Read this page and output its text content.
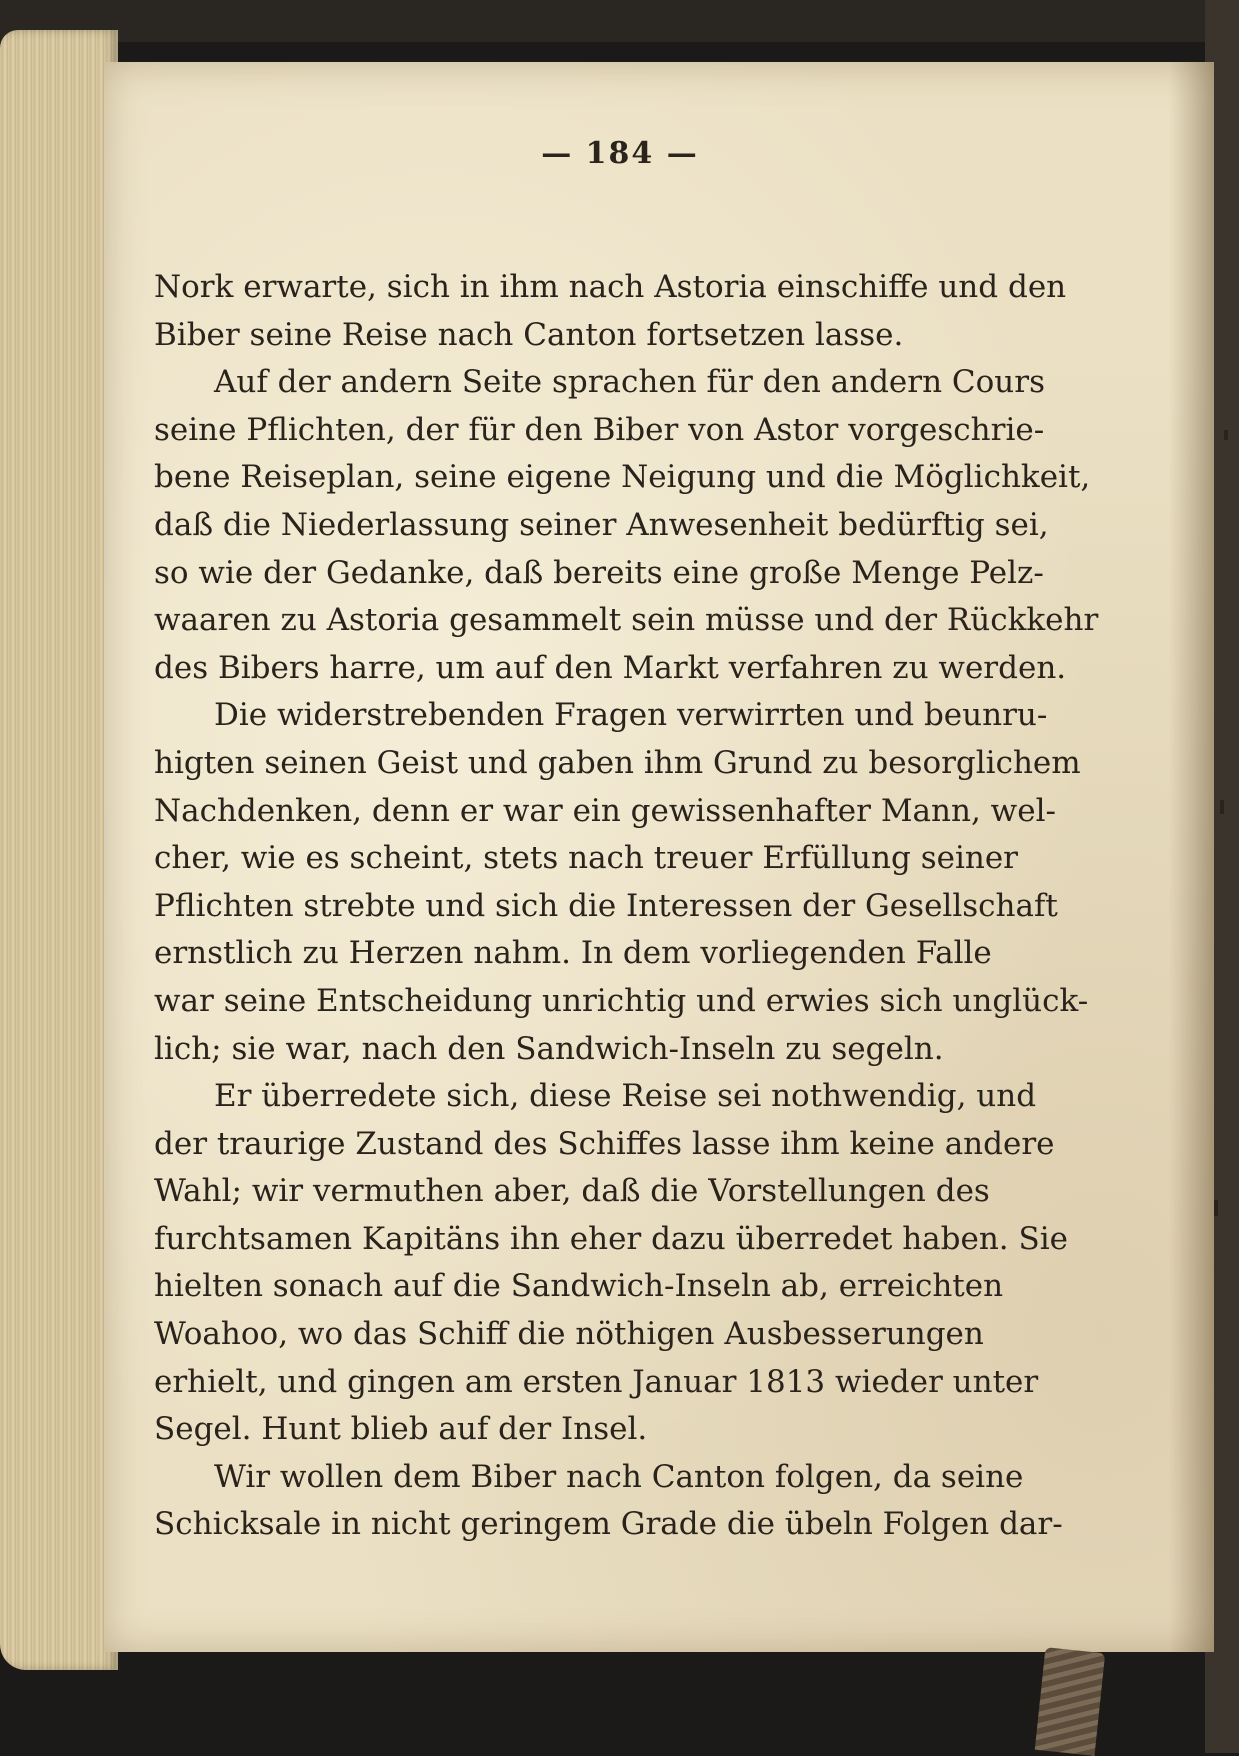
— 184 —

Nork erwarte, sich in ihm nach Astoria einschiffe und den

Biber seine Reise nach Canton fortsetzen lasse.

Auf der andern Seite sprachen für den andern Cours

seine Pflichten, der für den Biber von Astor vorgeschrie-

bene Reiseplan, seine eigene Neigung und die Möglichkeit,

daß die Niederlassung seiner Anwesenheit bedürftig sei,

so wie der Gedanke, daß bereits eine große Menge Pelz-

waaren zu Astoria gesammelt sein müsse und der Rückkehr

des Bibers harre, um auf den Markt verfahren zu werden.

Die widerstrebenden Fragen verwirrten und beunru-

higten seinen Geist und gaben ihm Grund zu besorglichem

Nachdenken, denn er war ein gewissenhafter Mann, wel-

cher, wie es scheint, stets nach treuer Erfüllung seiner

Pflichten strebte und sich die Interessen der Gesellschaft

ernstlich zu Herzen nahm. In dem vorliegenden Falle

war seine Entscheidung unrichtig und erwies sich unglück-

lich; sie war, nach den Sandwich-Inseln zu segeln.

Er überredete sich, diese Reise sei nothwendig, und

der traurige Zustand des Schiffes lasse ihm keine andere

Wahl; wir vermuthen aber, daß die Vorstellungen des

furchtsamen Kapitäns ihn eher dazu überredet haben. Sie

hielten sonach auf die Sandwich-Inseln ab, erreichten

Woahoo, wo das Schiff die nöthigen Ausbesserungen

erhielt, und gingen am ersten Januar 1813 wieder unter

Segel. Hunt blieb auf der Insel.

Wir wollen dem Biber nach Canton folgen, da seine

Schicksale in nicht geringem Grade die übeln Folgen dar-
